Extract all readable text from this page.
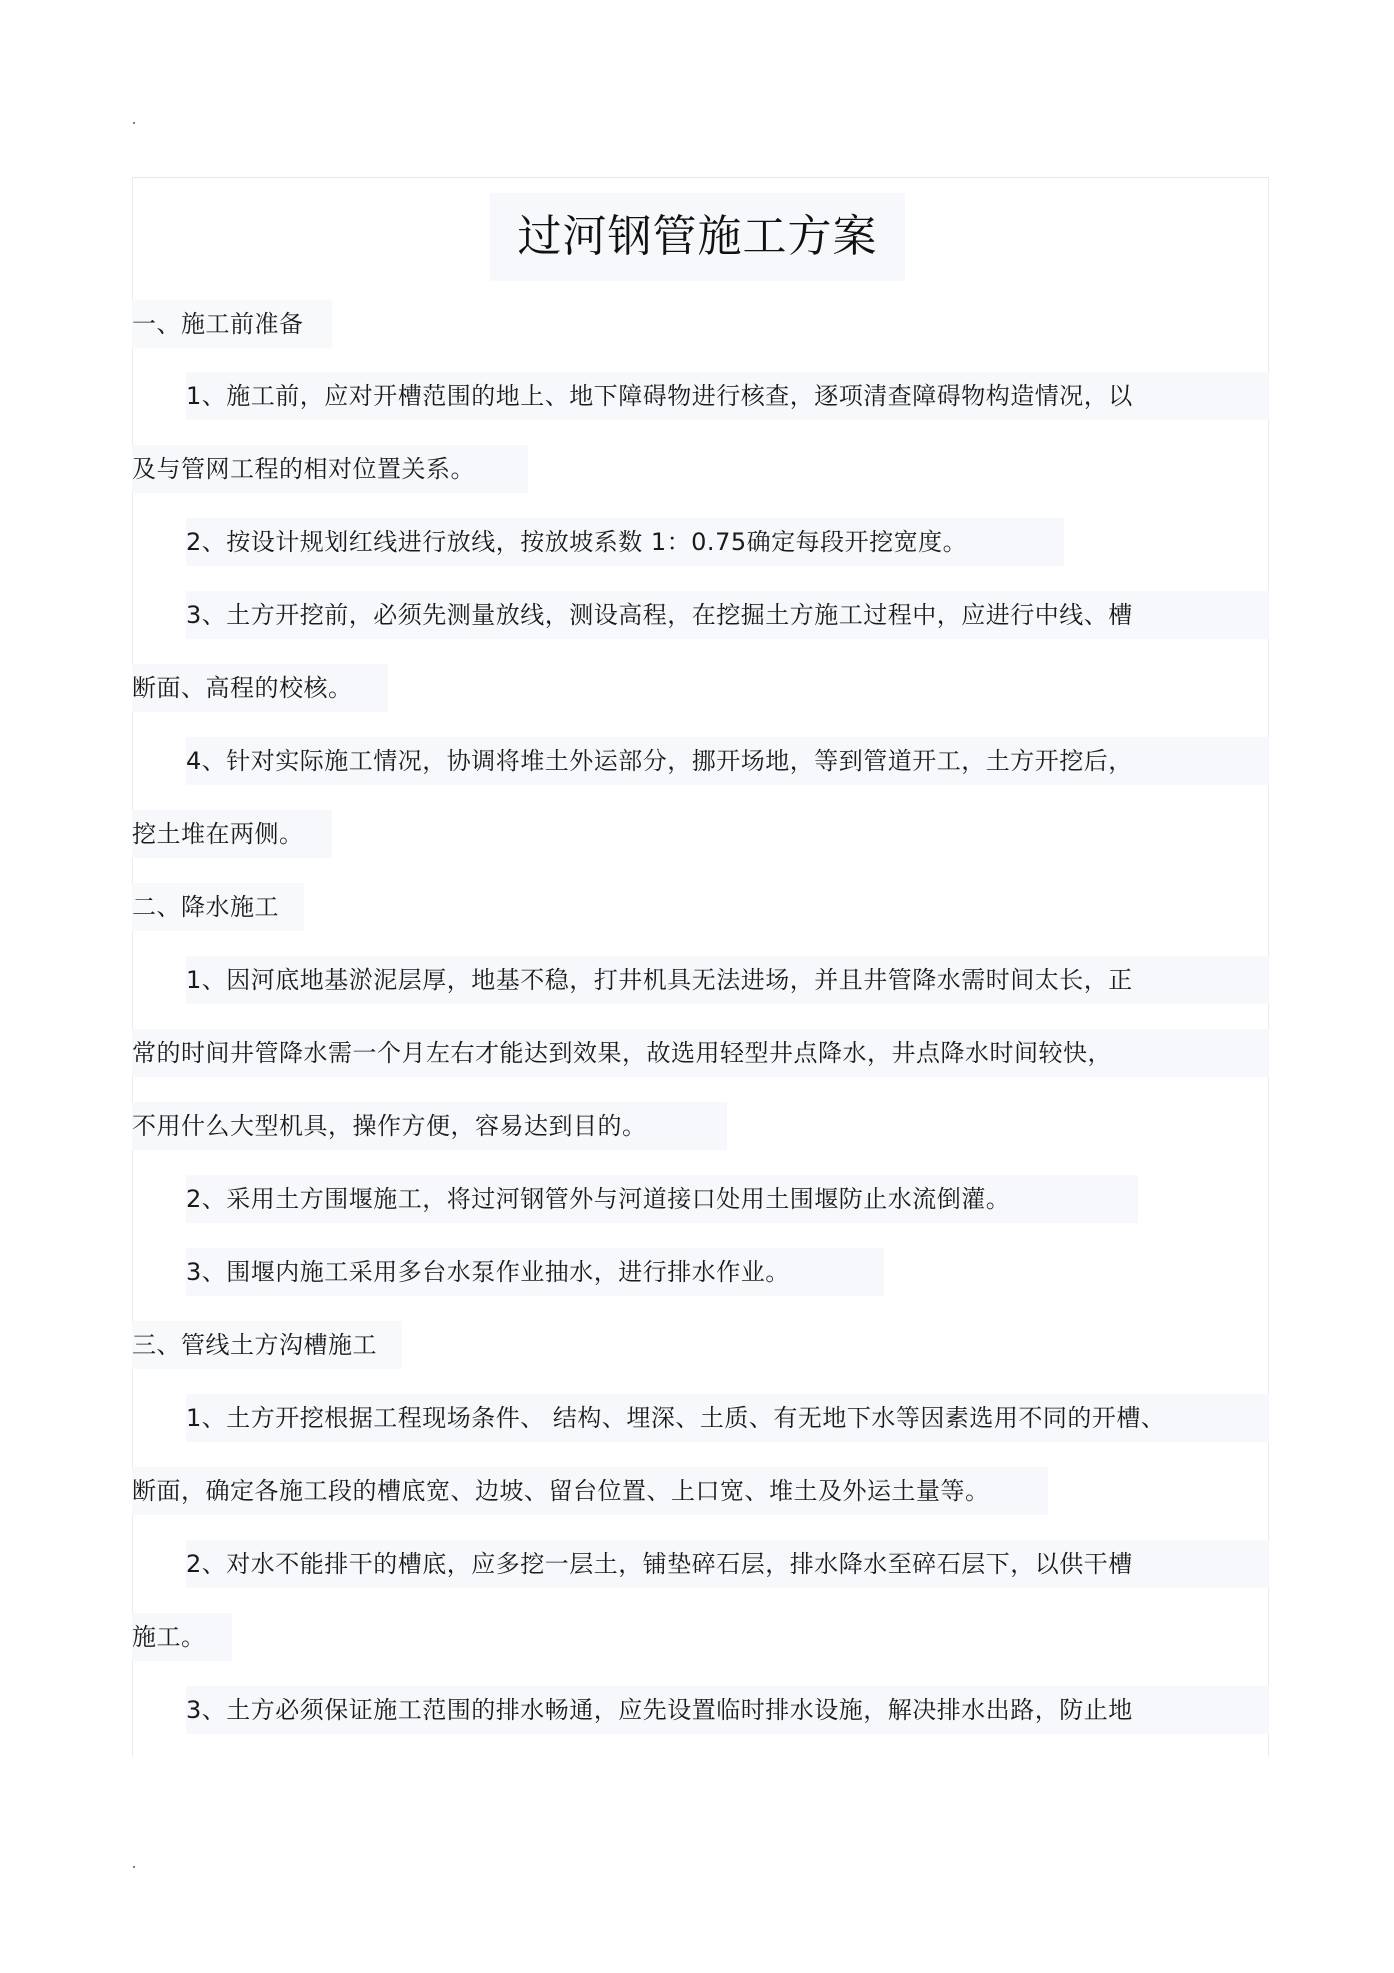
过河钢管施工方案
一、施工前准备
1、施工前，应对开槽范围的地上、地下障碍物进行核查，逐项清查障碍物构造情况，以
及与管网工程的相对位置关系。
2、按设计规划红线进行放线，按放坡系数 1：0.75确定每段开挖宽度。
3、土方开挖前，必须先测量放线，测设高程，在挖掘土方施工过程中，应进行中线、槽
断面、高程的校核。
4、针对实际施工情况，协调将堆土外运部分，挪开场地，等到管道开工，土方开挖后，
挖土堆在两侧。
二、降水施工
1、因河底地基淤泥层厚，地基不稳，打井机具无法进场，并且井管降水需时间太长，正
常的时间井管降水需一个月左右才能达到效果，故选用轻型井点降水，井点降水时间较快，
不用什么大型机具，操作方便，容易达到目的。
2、采用土方围堰施工，将过河钢管外与河道接口处用土围堰防止水流倒灌。
3、围堰内施工采用多台水泵作业抽水，进行排水作业。
三、管线土方沟槽施工
1、土方开挖根据工程现场条件、 结构、埋深、土质、有无地下水等因素选用不同的开槽、
断面，确定各施工段的槽底宽、边坡、留台位置、上口宽、堆土及外运土量等。
2、对水不能排干的槽底，应多挖一层土，铺垫碎石层，排水降水至碎石层下，以供干槽
施工。
3、土方必须保证施工范围的排水畅通，应先设置临时排水设施，解决排水出路，防止地
